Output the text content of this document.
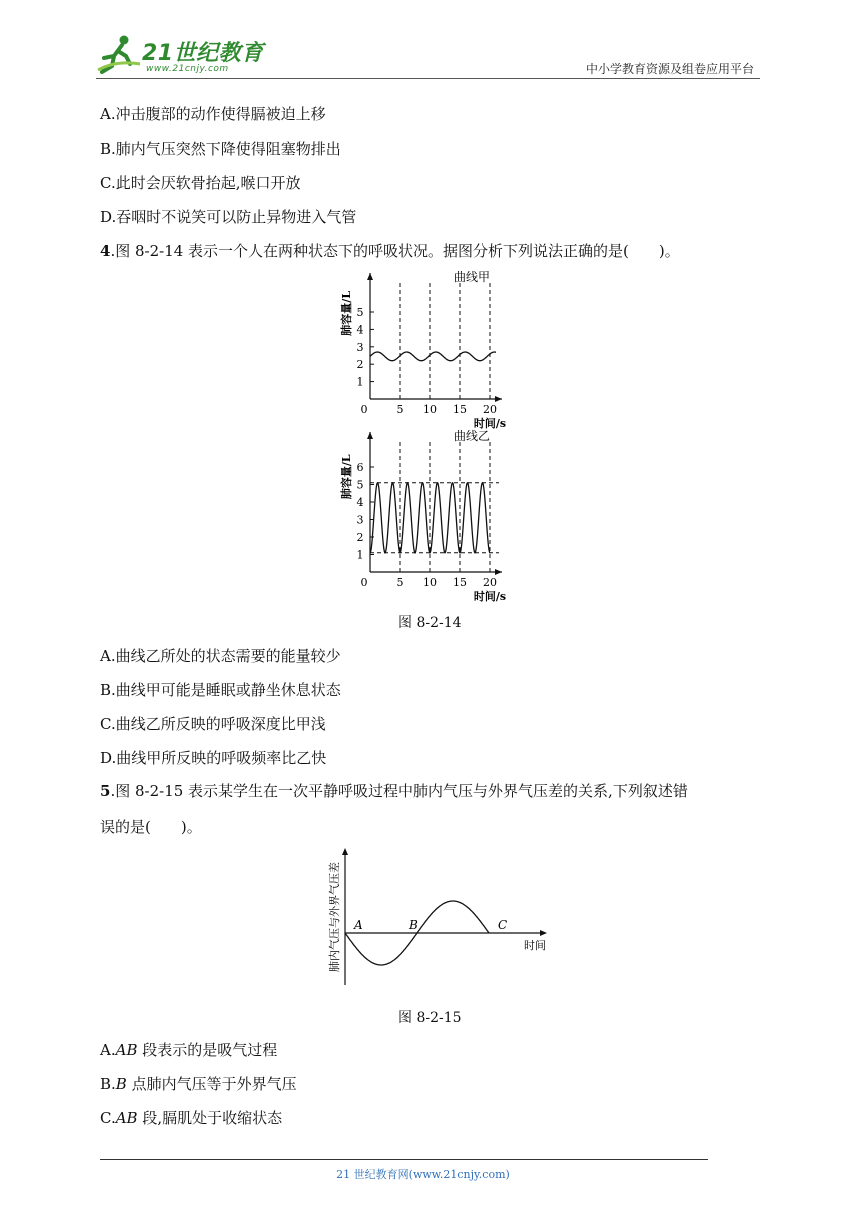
21世纪教育
www.21cnjy.com	中小学教育资源及组卷应用平台
A.冲击腹部的动作使得膈被迫上移
B.肺内气压突然下降使得阻塞物排出
C.此时会厌软骨抬起,喉口开放
D.吞咽时不说笑可以防止异物进入气管
4.图 8-2-14 表示一个人在两种状态下的呼吸状况。据图分析下列说法正确的是(　　)。
1
2
3
4
5
0	5 10 15 20
时间/s
肺容量/L
曲线甲
1
2
3
4
5
6
0	5 10 15 20
时间/s
肺容量/L
曲线乙
图 8-2-14
A.曲线乙所处的状态需要的能量较少
B.曲线甲可能是睡眠或静坐休息状态
C.曲线乙所反映的呼吸深度比甲浅
D.曲线甲所反映的呼吸频率比乙快
5.图 8-2-15 表示某学生在一次平静呼吸过程中肺内气压与外界气压差的关系,下列叙述错
误的是(　　)。
时间
肺内气压与外界气压差 A	B	C
图 8-2-15
A.AB 段表示的是吸气过程
B.B 点肺内气压等于外界气压
C.AB 段,膈肌处于收缩状态
21 世纪教育网(www.21cnjy.com)
